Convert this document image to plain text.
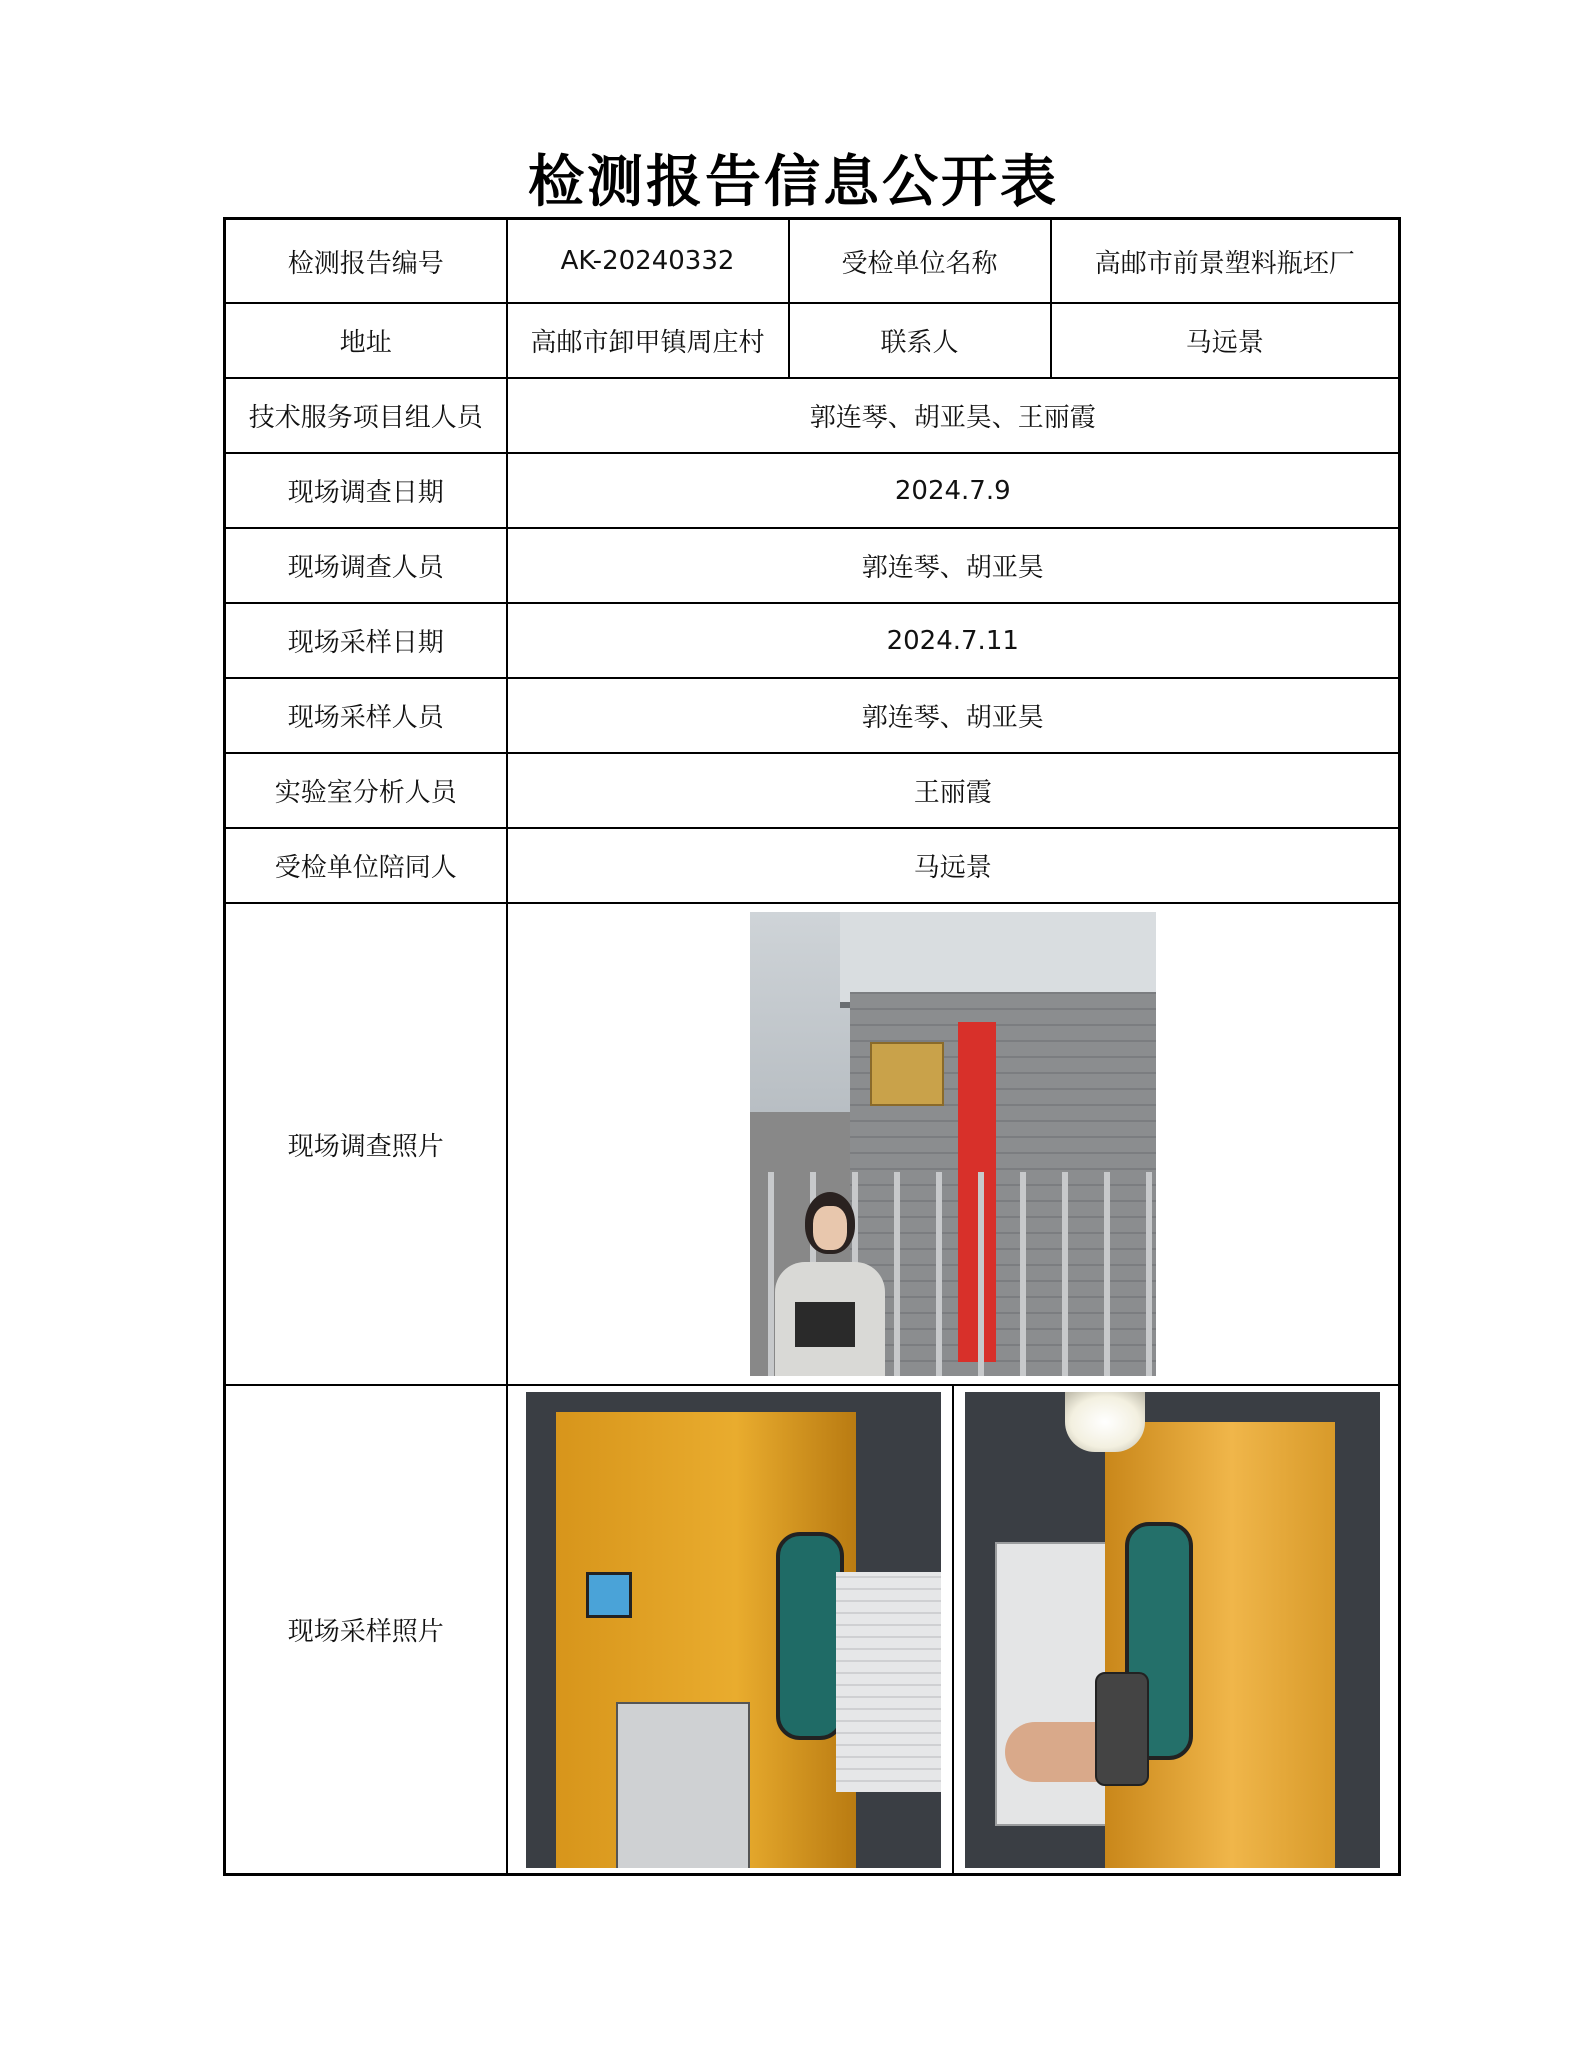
检测报告信息公开表
检测报告编号	AK-20240332	受检单位名称	高邮市前景塑料瓶坯厂
地址	高邮市卸甲镇周庄村	联系人	马远景
技术服务项目组人员	郭连琴、胡亚昊、王丽霞		
现场调查日期	2024.7.9		
现场调查人员	郭连琴、胡亚昊		
现场采样日期	2024.7.11		
现场采样人员	郭连琴、胡亚昊		
实验室分析人员	王丽霞		
受检单位陪同人	马远景		
现场调查照片			

现场采样照片			
